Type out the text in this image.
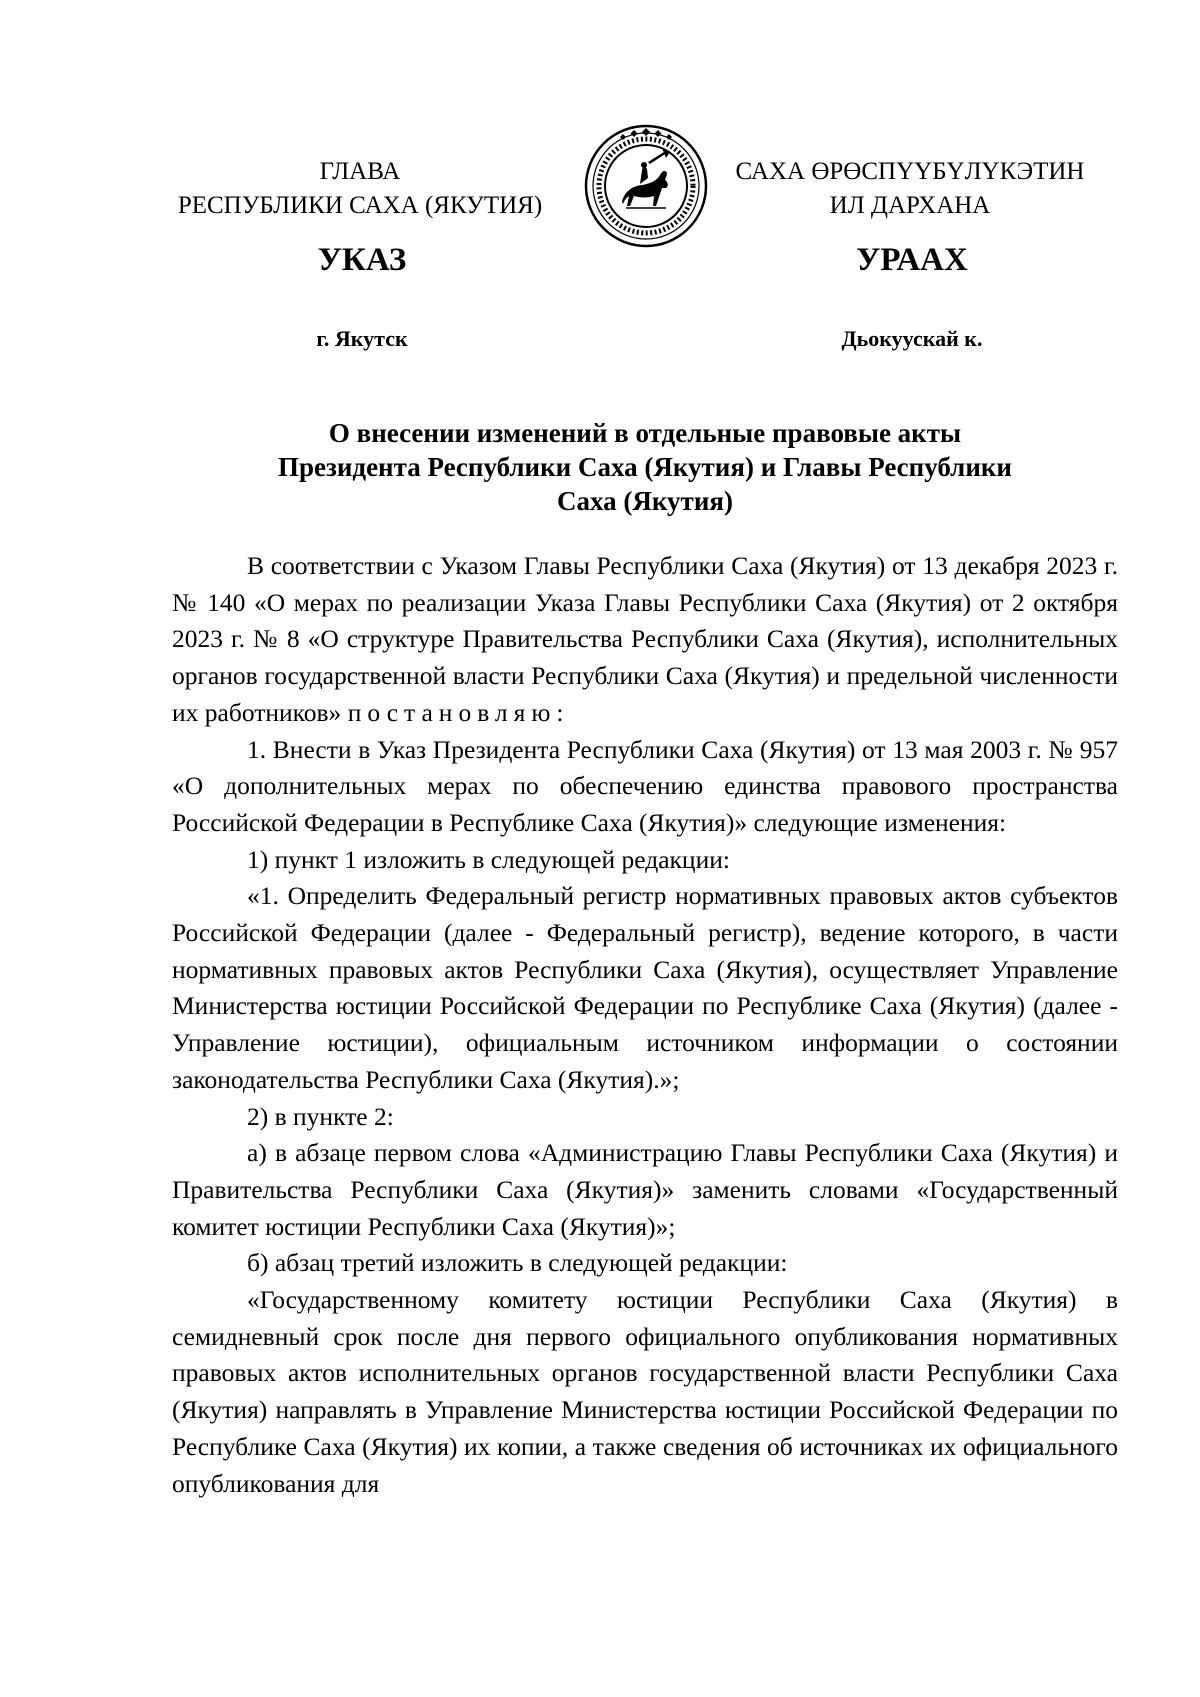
ГЛАВА
РЕСПУБЛИКИ САХА (ЯКУТИЯ)
САХА ӨРӨСПҮҮБҮЛҮКЭТИН
ИЛ ДАРХАНА
УКАЗ	УРААХ
г. Якутск	Дьокуускай к.
О внесении изменений в отдельные правовые акты
Президента Республики Саха (Якутия) и Главы Республики
Саха (Якутия)

В соответствии с Указом Главы Республики Саха (Якутия) от 13 декабря 2023 г. № 140 «О мерах по реализации Указа Главы Республики Саха (Якутия) от 2 октября 2023 г. № 8 «О структуре Правительства Республики Саха (Якутия), исполнительных органов государственной власти Республики Саха (Якутия) и предельной численности их работников» постановляю:

1. Внести в Указ Президента Республики Саха (Якутия) от 13 мая 2003 г. № 957 «О дополнительных мерах по обеспечению единства правового пространства Российской Федерации в Республике Саха (Якутия)» следующие изменения:

1) пункт 1 изложить в следующей редакции:

«1. Определить Федеральный регистр нормативных правовых актов субъектов Российской Федерации (далее - Федеральный регистр), ведение которого, в части нормативных правовых актов Республики Саха (Якутия), осуществляет Управление Министерства юстиции Российской Федерации по Республике Саха (Якутия) (далее - Управление юстиции), официальным источником информации о состоянии законодательства Республики Саха (Якутия).»;

2) в пункте 2:

а) в абзаце первом слова «Администрацию Главы Республики Саха (Якутия) и Правительства Республики Саха (Якутия)» заменить словами «Государственный комитет юстиции Республики Саха (Якутия)»;

б) абзац третий изложить в следующей редакции:

«Государственному комитету юстиции Республики Саха (Якутия) в семидневный срок после дня первого официального опубликования нормативных правовых актов исполнительных органов государственной власти Республики Саха (Якутия) направлять в Управление Министерства юстиции Российской Федерации по Республике Саха (Якутия) их копии, а также сведения об источниках их официального опубликования для
